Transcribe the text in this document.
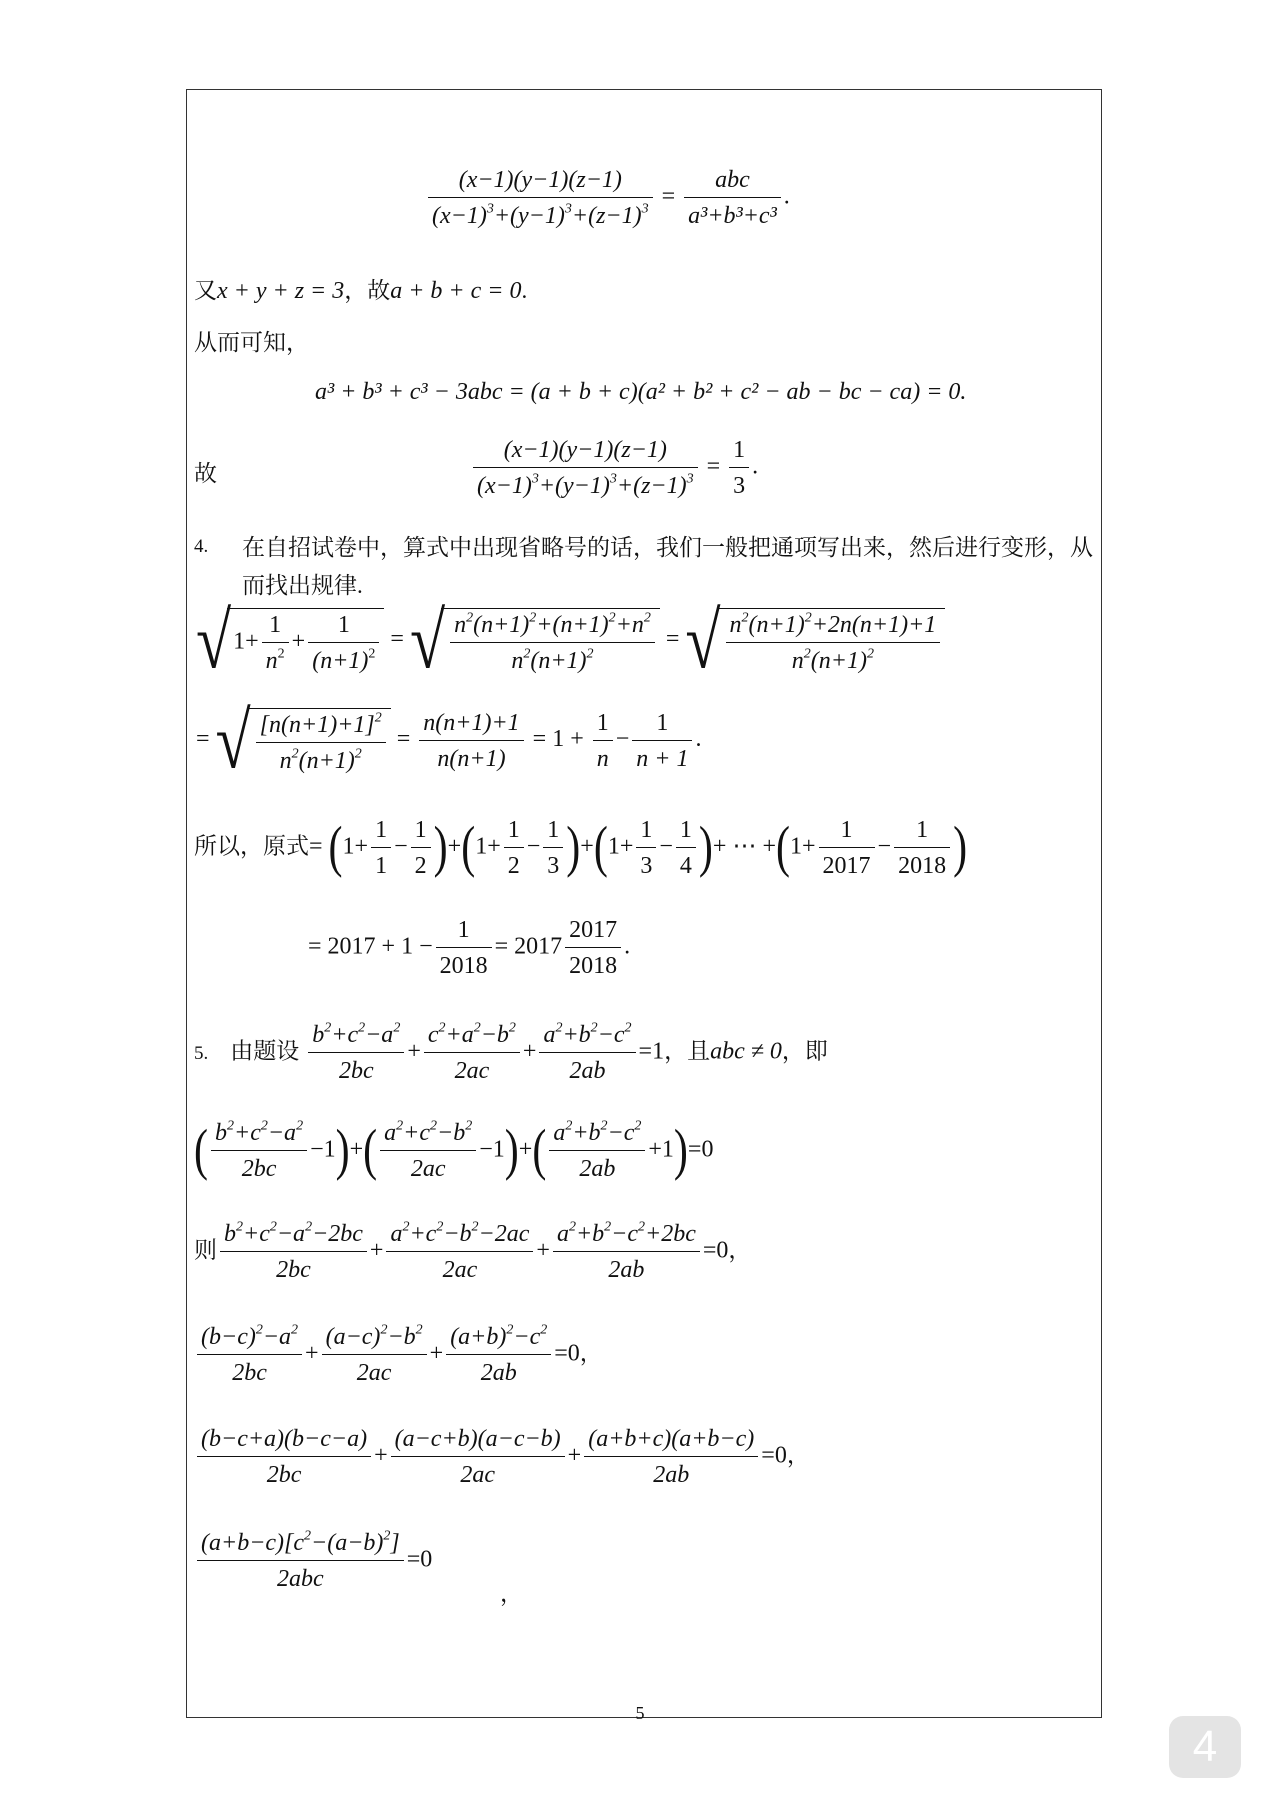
$\frac{(x-1)(y-1)(z-1)}{(x-1)^3+(y-1)^3+(z-1)^3} = \frac{\text{abc}}{\text{a³+b³+c³}}$ .
又x + y + z = 3，故a + b + c = 0.
从而可知，
a³ + b³ + c³ − 3abc = (a + b + c)(a² + b² + c² − ab − bc − ca) = 0.
故	$\frac{(x-1)(y-1)(z-1)}{(x-1)^3+(y-1)^3+(z-1)^3} = \frac{1}{3}$ .
4. 在自招试卷中，算式中出现省略号的话，我们一般把通项写出来，然后进行变形，从
而找出规律.
$√1+ \frac{1}{n^2} + \frac{1}{(n+1)^2}$ = √ $\frac{n^2(n+1)^2+(n+1)^2+n^2}{n^2(n+1)^2}$ = √ $\frac{n^2(n+1)^2+2n(n+1)+1}{n^2(n+1)^2}$
= √ $\frac{[n(n+1)+1]^2}{n^2(n+1)^2} = \frac{n(n+1)+1}{n(n+1)} = 1 + \frac{1}{n} - \frac{1}{n + 1}$ .
所以，原式= $(1+ \frac{1}{1} - \frac{1}{2} )+(1+ \frac{1}{2} - \frac{1}{3} )+(1+ \frac{1}{3} - \frac{1}{4}$ )+ ⋯ $+(1+ \frac{1}{2017} - \frac{1}{2018}$ )
= $2017 + 1 - \frac{1}{2018} = 2017 \frac{2017}{2018}$ .
5. 由题设 $\frac{b^2+c^2-a^2}{2bc} + \frac{c^2+a^2-b^2}{2ac} + \frac{a^2+b^2-c^2}{2ab} =1$，且abc ≠ 0，即
( $\frac{b^2+c^2-a^2}{2bc} -1)+( \frac{a^2+c^2-b^2}{2ac} -1)+( \frac{a^2+b^2-c^2}{2ab} +1)=0$
则 $\frac{b^2+c^2-a^2-2bc}{2bc} + \frac{a^2+c^2-b^2-2ac}{2ac} + \frac{a^2+b^2-c^2+2bc}{2ab} =0$，
$\frac{(b-c)^2-a^2}{2bc} + \frac{(a-c)^2-b^2}{2ac} + \frac{(a+b)^2-c^2}{2ab} =0$，
$\frac{(b-c+a)(b-c-a)}{2bc} + \frac{(a-c+b)(a-c-b)}{2ac} + \frac{(a+b+c)(a+b-c)}{2ab} =0$，
$\frac{(a+b-c)[c^2-(a-b)^2]}{\text{2abc}} =0$
，
5
4
